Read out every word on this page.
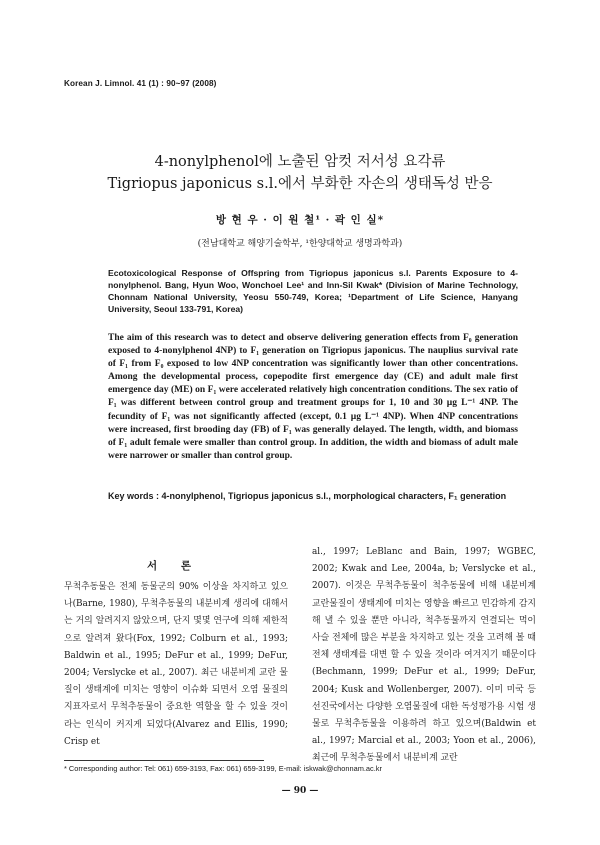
Korean J. Limnol. 41 (1) : 90~97 (2008)
4-nonylphenol에 노출된 암컷 저서성 요각류
Tigriopus japonicus s.l.에서 부화한 자손의 생태독성 반응
방 현 우 · 이 원 철¹ · 곽 인 실*
(전남대학교 해양기술학부, ¹한양대학교 생명과학과)
Ecotoxicological Response of Offspring from Tigriopus japonicus s.l. Parents Exposure to 4-nonylphenol. Bang, Hyun Woo, Wonchoel Lee¹ and Inn-Sil Kwak* (Division of Marine Technology, Chonnam National University, Yeosu 550-749, Korea; ¹Department of Life Science, Hanyang University, Seoul 133-791, Korea)
The aim of this research was to detect and observe delivering generation effects from F₀ generation exposed to 4-nonylphenol 4NP) to F₁ generation on Tigriopus japonicus. The nauplius survival rate of F₁ from F₀ exposed to low 4NP concentration was significantly lower than other concentrations. Among the developmental process, copepodite first emergence day (CE) and adult male first emergence day (ME) on F₁ were accelerated relatively high concentration conditions. The sex ratio of F₁ was different between control group and treatment groups for 1, 10 and 30 µg L⁻¹ 4NP. The fecundity of F₁ was not significantly affected (except, 0.1 µg L⁻¹ 4NP). When 4NP concentrations were increased, first brooding day (FB) of F₁ was generally delayed. The length, width, and biomass of F₁ adult female were smaller than control group. In addition, the width and biomass of adult male were narrower or smaller than control group.
Key words : 4-nonylphenol, Tigriopus japonicus s.l., morphological characters, F₁ generation
서 론
무척추동물은 전체 동물군의 90% 이상을 차지하고 있으나(Barne, 1980), 무척추동물의 내분비계 생리에 대해서는 거의 알려지지 않았으며, 단지 몇몇 연구에 의해 제한적으로 알려져 왔다(Fox, 1992; Colburn et al., 1993; Baldwin et al., 1995; DeFur et al., 1999; DeFur, 2004; Verslycke et al., 2007). 최근 내분비계 교란 물질이 생태계에 미치는 영향이 이슈화 되면서 오염 물질의 지표자로서 무척추동물이 중요한 역할을 할 수 있을 것이라는 인식이 커지게 되었다(Alvarez and Ellis, 1990; Crisp et
al., 1997; LeBlanc and Bain, 1997; WGBEC, 2002; Kwak and Lee, 2004a, b; Verslycke et al., 2007). 이것은 무척추동물이 척추동물에 비해 내분비계 교란물질이 생태계에 미치는 영향을 빠르고 민감하게 감지해 낼 수 있을 뿐만 아니라, 척추동물까지 연결되는 먹이 사슬 전체에 많은 부분을 차지하고 있는 것을 고려해 볼 때 전체 생태계를 대변 할 수 있을 것이라 여겨지기 때문이다(Bechmann, 1999; DeFur et al., 1999; DeFur, 2004; Kusk and Wollenberger, 2007). 이미 미국 등 선진국에서는 다양한 오염물질에 대한 독성평가용 시험 생물로 무척추동물을 이용하려 하고 있으며(Baldwin et al., 1997; Marcial et al., 2003; Yoon et al., 2006), 최근에 무척추동물에서 내분비계 교란
* Corresponding author: Tel: 061) 659-3193, Fax: 061) 659-3199, E-mail: iskwak@chonnam.ac.kr
— 90 —
